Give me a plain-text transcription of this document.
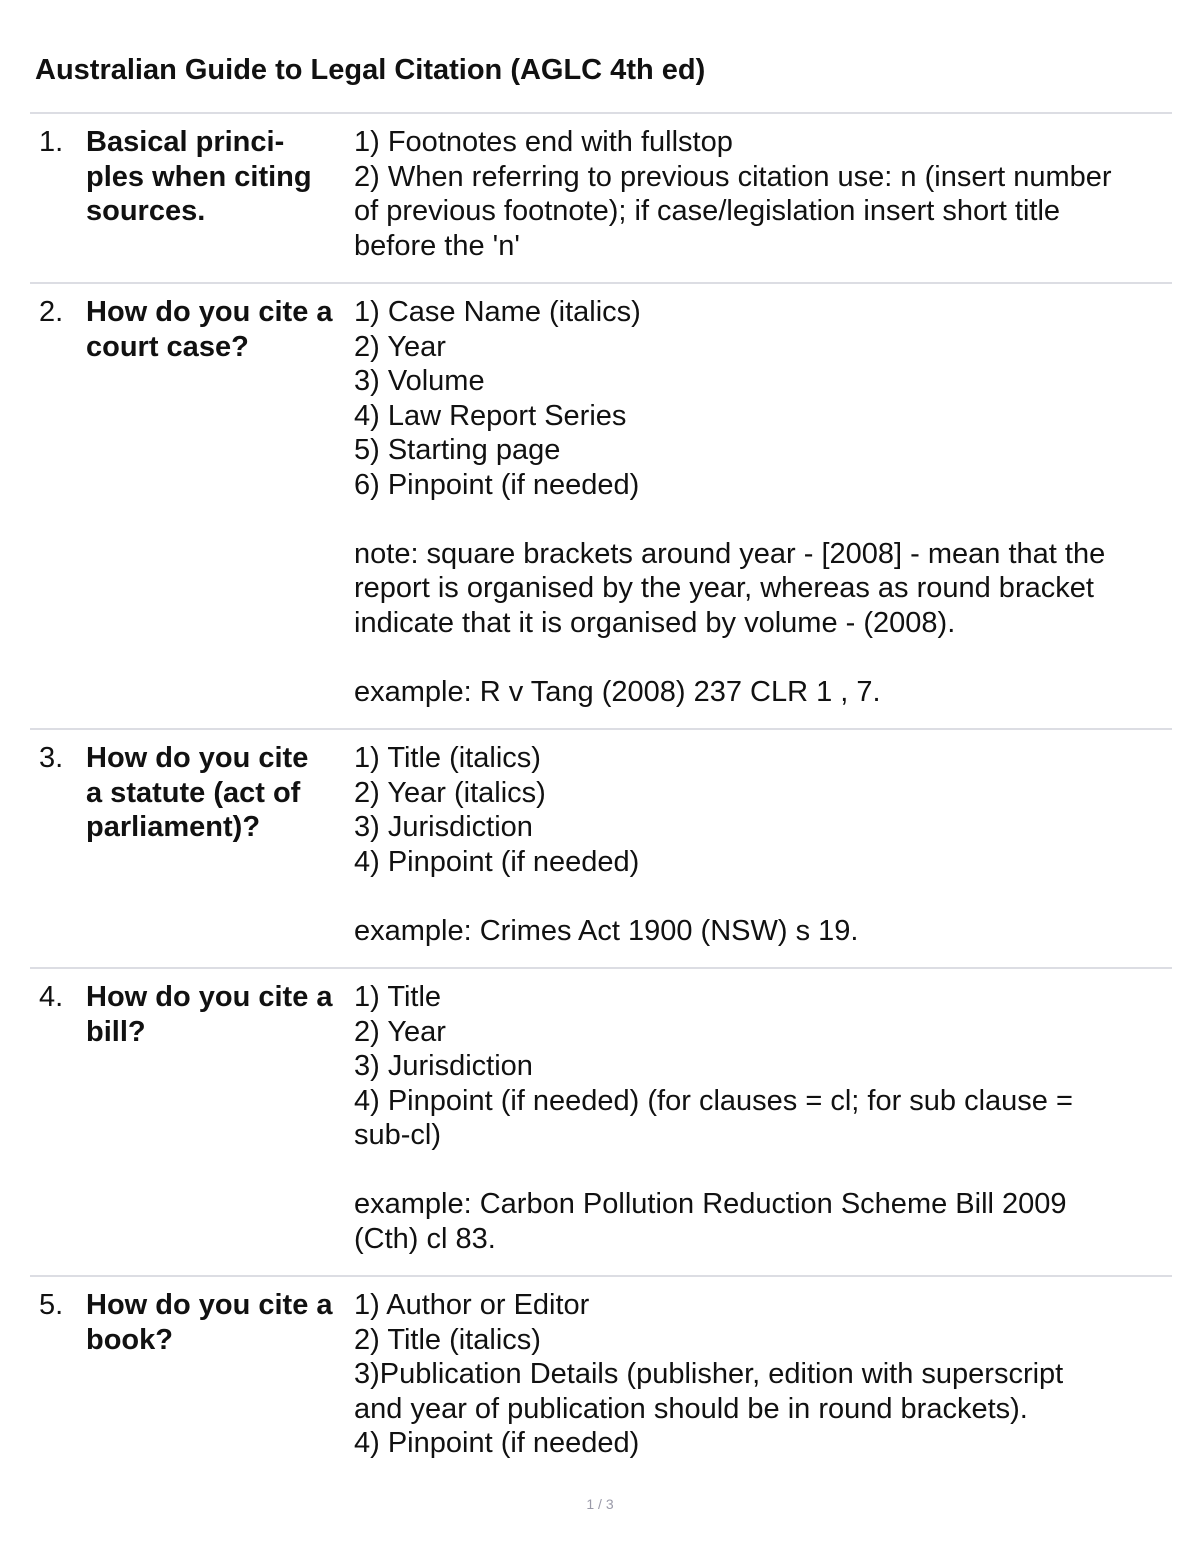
Australian Guide to Legal Citation (AGLC 4th ed)
1. Basical princi-
ples when citing
sources.
1) Footnotes end with fullstop
2) When referring to previous citation use: n (insert number
of previous footnote); if case/legislation insert short title
before the 'n'
2. How do you cite a
court case?
1) Case Name (italics)
2) Year
3) Volume
4) Law Report Series
5) Starting page
6) Pinpoint (if needed)
note: square brackets around year - [2008] - mean that the
report is organised by the year, whereas as round bracket
indicate that it is organised by volume - (2008).
example: R v Tang (2008) 237 CLR 1 , 7.
3. How do you cite
a statute (act of
parliament)?
1) Title (italics)
2) Year (italics)
3) Jurisdiction
4) Pinpoint (if needed)
example: Crimes Act 1900 (NSW) s 19.
4. How do you cite a
bill?
1) Title
2) Year
3) Jurisdiction
4) Pinpoint (if needed) (for clauses = cl; for sub clause =
sub-cl)
example: Carbon Pollution Reduction Scheme Bill 2009
(Cth) cl 83.
5. How do you cite a
book?
1) Author or Editor
2) Title (italics)
3)Publication Details (publisher, edition with superscript
and year of publication should be in round brackets).
4) Pinpoint (if needed)
1 / 3
